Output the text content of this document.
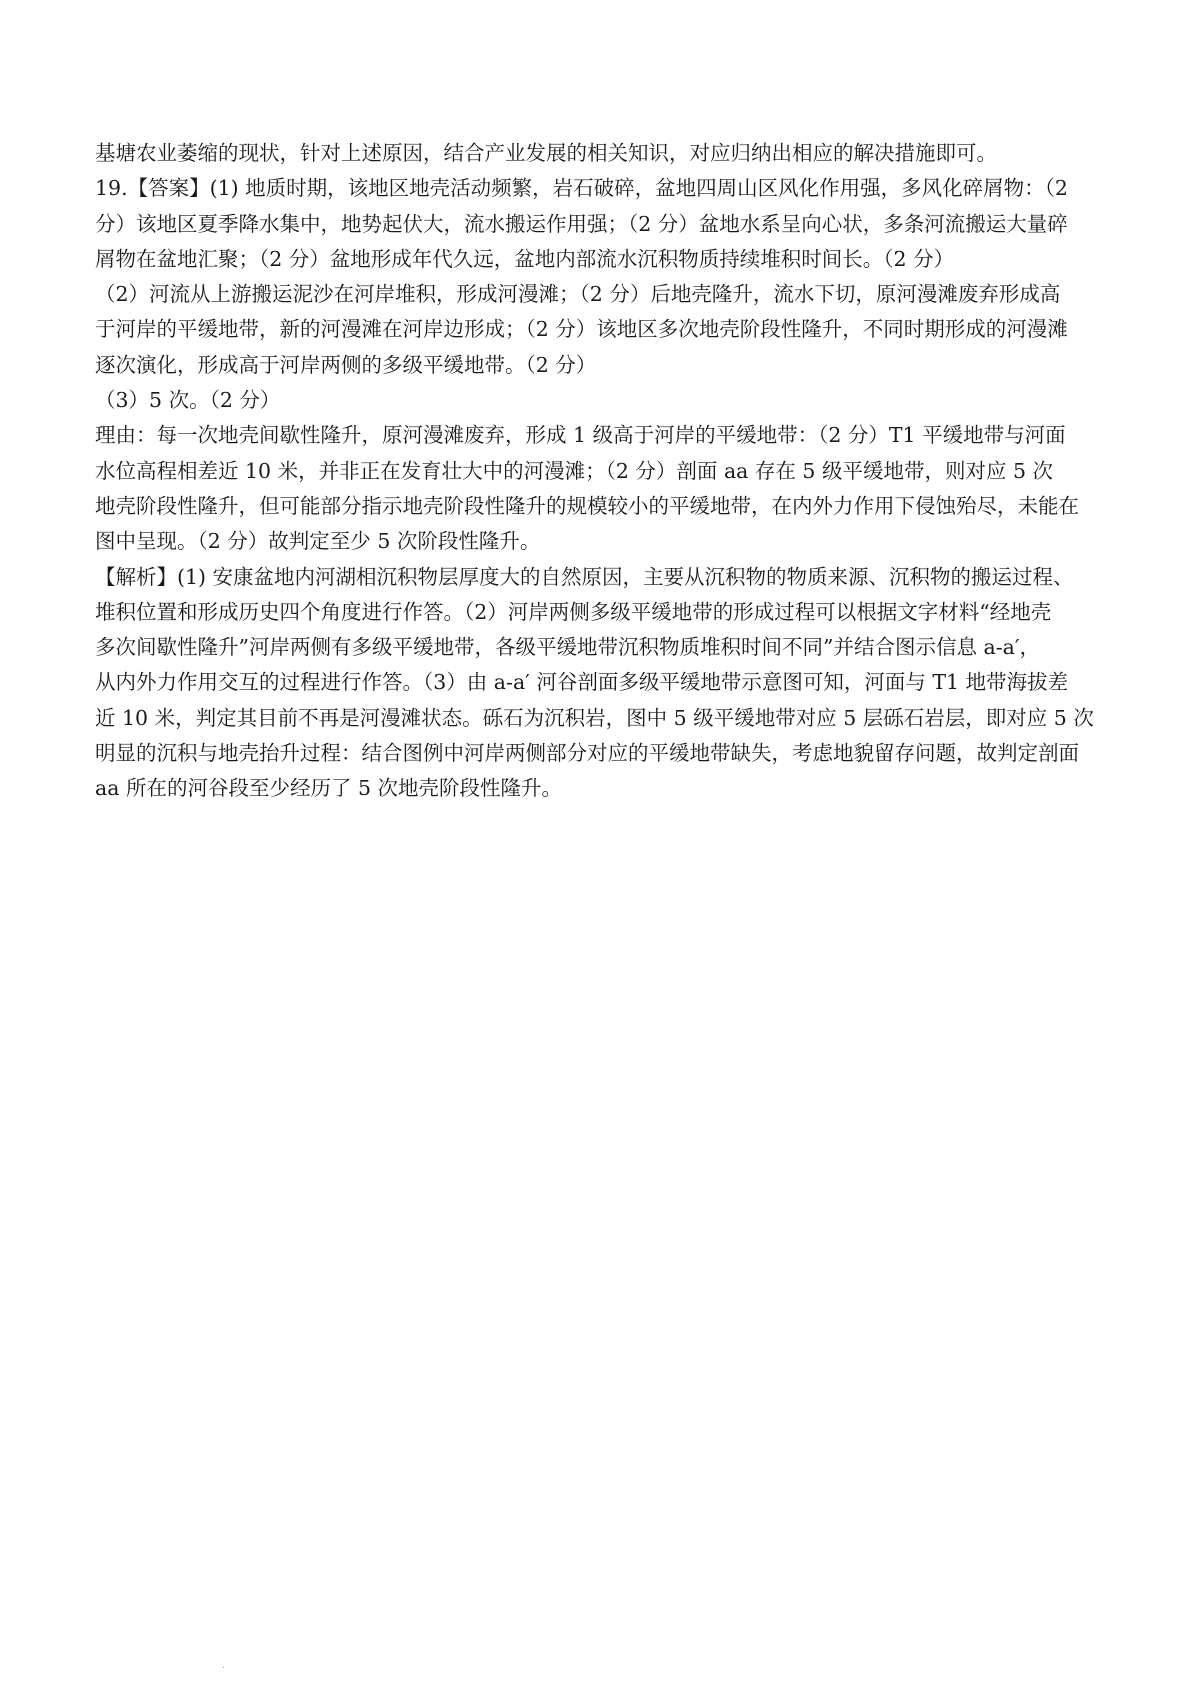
基塘农业萎缩的现状，针对上述原因，结合产业发展的相关知识，对应归纳出相应的解决措施即可。
19.【答案】(1) 地质时期，该地区地壳活动频繁，岩石破碎，盆地四周山区风化作用强，多风化碎屑物：（2
分）该地区夏季降水集中，地势起伏大，流水搬运作用强；（2 分）盆地水系呈向心状，多条河流搬运大量碎
屑物在盆地汇聚；（2 分）盆地形成年代久远，盆地内部流水沉积物质持续堆积时间长。（2 分）
（2）河流从上游搬运泥沙在河岸堆积，形成河漫滩；（2 分）后地壳隆升，流水下切，原河漫滩废弃形成高
于河岸的平缓地带，新的河漫滩在河岸边形成；（2 分）该地区多次地壳阶段性隆升，不同时期形成的河漫滩
逐次演化，形成高于河岸两侧的多级平缓地带。（2 分）
（3）5 次。（2 分）
理由：每一次地壳间歇性隆升，原河漫滩废弃，形成 1 级高于河岸的平缓地带：（2 分）T1 平缓地带与河面
水位高程相差近 10 米，并非正在发育壮大中的河漫滩；（2 分）剖面 aa 存在 5 级平缓地带，则对应 5 次
地壳阶段性隆升，但可能部分指示地壳阶段性隆升的规模较小的平缓地带，在内外力作用下侵蚀殆尽，未能在
图中呈现。（2 分）故判定至少 5 次阶段性隆升。
【解析】(1) 安康盆地内河湖相沉积物层厚度大的自然原因，主要从沉积物的物质来源、沉积物的搬运过程、
堆积位置和形成历史四个角度进行作答。（2）河岸两侧多级平缓地带的形成过程可以根据文字材料“经地壳
多次间歇性隆升”河岸两侧有多级平缓地带，各级平缓地带沉积物质堆积时间不同”并结合图示信息 a-a′，
从内外力作用交互的过程进行作答。（3）由 a-a′ 河谷剖面多级平缓地带示意图可知，河面与 T1 地带海拔差
近 10 米，判定其目前不再是河漫滩状态。砾石为沉积岩，图中 5 级平缓地带对应 5 层砾石岩层，即对应 5 次
明显的沉积与地壳抬升过程：结合图例中河岸两侧部分对应的平缓地带缺失，考虑地貌留存问题，故判定剖面
aa 所在的河谷段至少经历了 5 次地壳阶段性隆升。
.
